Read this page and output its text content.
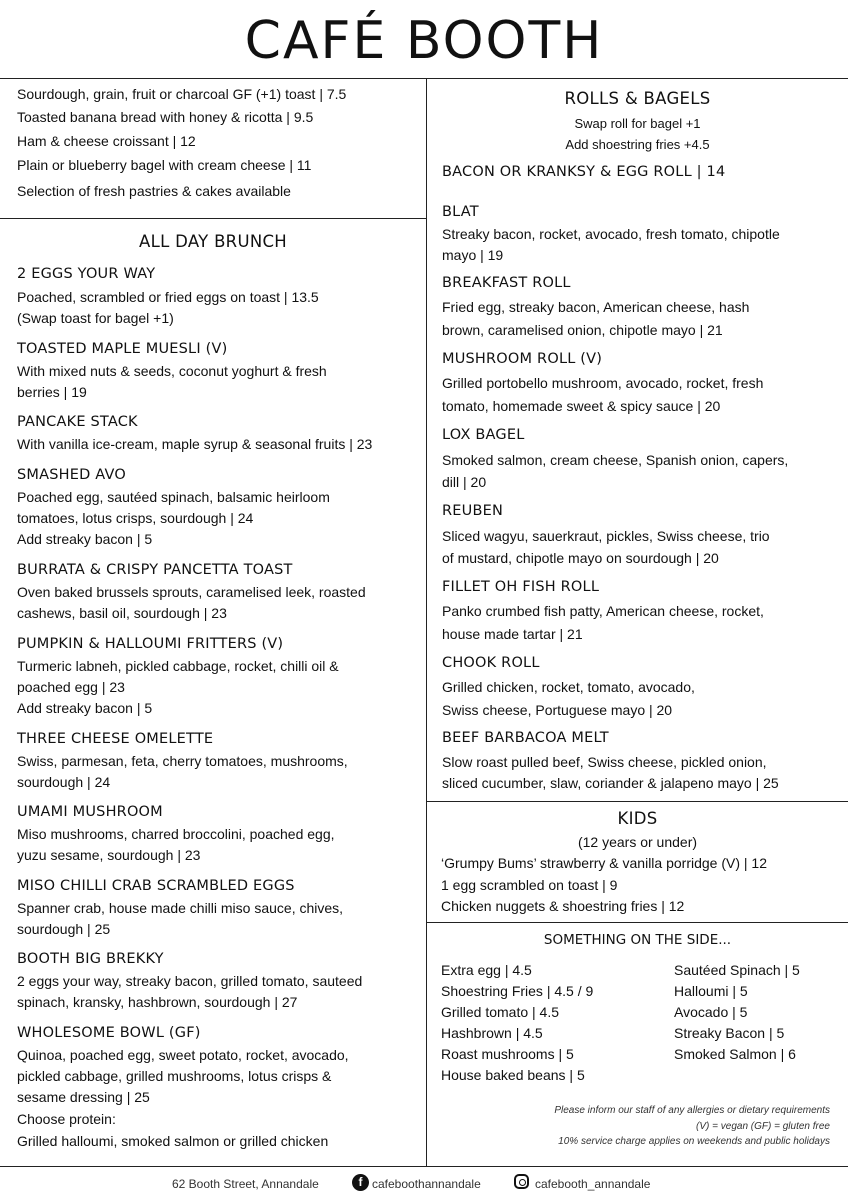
CAFÉ BOOTH
Sourdough, grain, fruit or charcoal GF (+1) toast | 7.5
Toasted banana bread with honey & ricotta | 9.5
Ham & cheese croissant | 12
Plain or blueberry bagel with cream cheese | 11
Selection of fresh pastries & cakes available
ALL DAY BRUNCH
2 EGGS YOUR WAY
Poached, scrambled or fried eggs on toast | 13.5
(Swap toast for bagel +1)
TOASTED MAPLE MUESLI (V)
With mixed nuts & seeds, coconut yoghurt & fresh
berries | 19
PANCAKE STACK
With vanilla ice-cream, maple syrup & seasonal fruits | 23
SMASHED AVO
Poached egg, sautéed spinach, balsamic heirloom
tomatoes, lotus crisps, sourdough | 24
Add streaky bacon | 5
BURRATA & CRISPY PANCETTA TOAST
Oven baked brussels sprouts, caramelised leek, roasted
cashews, basil oil, sourdough | 23
PUMPKIN & HALLOUMI FRITTERS (V)
Turmeric labneh, pickled cabbage, rocket, chilli oil &
poached egg | 23
Add streaky bacon | 5
THREE CHEESE OMELETTE
Swiss, parmesan, feta, cherry tomatoes, mushrooms,
sourdough | 24
UMAMI MUSHROOM
Miso mushrooms, charred broccolini, poached egg,
yuzu sesame, sourdough | 23
MISO CHILLI CRAB SCRAMBLED EGGS
Spanner crab, house made chilli miso sauce, chives,
sourdough | 25
BOOTH BIG BREKKY
2 eggs your way, streaky bacon, grilled tomato, sauteed
spinach, kransky, hashbrown, sourdough | 27
WHOLESOME BOWL (GF)
Quinoa, poached egg, sweet potato, rocket, avocado,
pickled cabbage, grilled mushrooms, lotus crisps &
sesame dressing | 25
Choose protein:
Grilled halloumi, smoked salmon or grilled chicken
ROLLS & BAGELS
Swap roll for bagel +1
Add shoestring fries +4.5
BACON OR KRANKSY & EGG ROLL | 14
BLAT
Streaky bacon, rocket, avocado, fresh tomato, chipotle
mayo | 19
BREAKFAST ROLL
Fried egg, streaky bacon, American cheese, hash
brown, caramelised onion, chipotle mayo | 21
MUSHROOM ROLL (V)
Grilled portobello mushroom, avocado, rocket, fresh
tomato, homemade sweet & spicy sauce | 20
LOX BAGEL
Smoked salmon, cream cheese, Spanish onion, capers,
dill | 20
REUBEN
Sliced wagyu, sauerkraut, pickles, Swiss cheese, trio
of mustard, chipotle mayo on sourdough | 20
FILLET OH FISH ROLL
Panko crumbed fish patty, American cheese, rocket,
house made tartar | 21
CHOOK ROLL
Grilled chicken, rocket, tomato, avocado,
Swiss cheese, Portuguese mayo | 20
BEEF BARBACOA MELT
Slow roast pulled beef, Swiss cheese, pickled onion,
sliced cucumber, slaw, coriander & jalapeno mayo | 25
KIDS
(12 years or under)
‘Grumpy Bums’ strawberry & vanilla porridge (V) | 12
1 egg scrambled on toast | 9
Chicken nuggets & shoestring fries | 12
SOMETHING ON THE SIDE...
Extra egg | 4.5
Shoestring Fries | 4.5 / 9
Grilled tomato | 4.5
Hashbrown | 4.5
Roast mushrooms | 5
House baked beans | 5
Sautéed Spinach | 5
Halloumi | 5
Avocado | 5
Streaky Bacon | 5
Smoked Salmon | 6
Please inform our staff of any allergies or dietary requirements
(V) = vegan (GF) = gluten free
10% service charge applies on weekends and public holidays
62 Booth Street, Annandale	f cafeboothannandale	cafebooth_annandale
